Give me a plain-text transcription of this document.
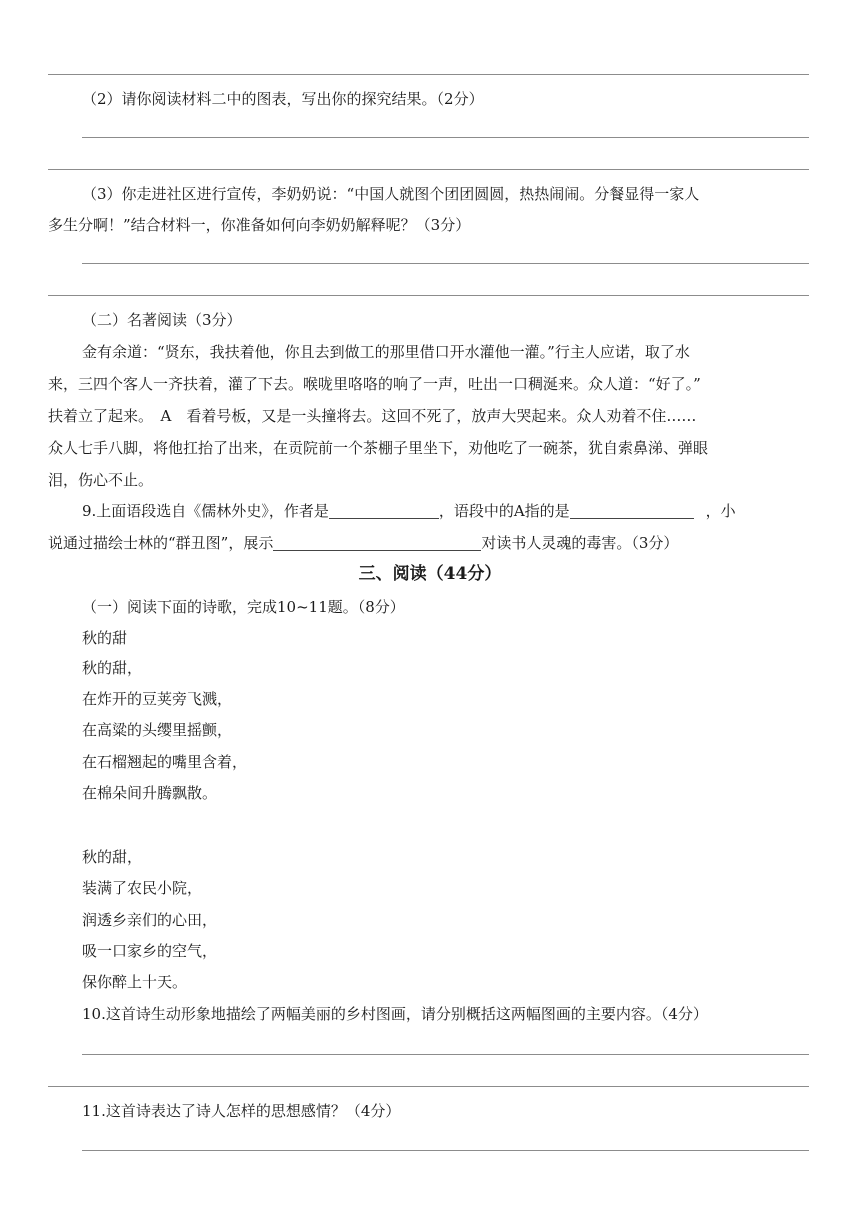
（2）请你阅读材料二中的图表，写出你的探究结果。（2分）
（3）你走进社区进行宣传，李奶奶说：“中国人就图个团团圆圆，热热闹闹。分餐显得一家人
多生分啊！”结合材料一，你准备如何向李奶奶解释呢？（3分）
（二）名著阅读（3分）
金有余道：“贤东，我扶着他，你且去到做工的那里借口开水灌他一灌。”行主人应诺，取了水
来，三四个客人一齐扶着，灌了下去。喉咙里咯咯的响了一声，吐出一口稠涎来。众人道：“好了。”
扶着立了起来。　A　看着号板，又是一头撞将去。这回不死了，放声大哭起来。众人劝着不住……
众人七手八脚，将他扛抬了出来，在贡院前一个茶棚子里坐下，劝他吃了一碗茶，犹自索鼻涕、弹眼
泪，伤心不止。
9.上面语段选自《儒林外史》，作者是	，语段中的A指的是	，小
说通过描绘士林的“群丑图”，展示	对读书人灵魂的毒害。（3分）
三、阅读（44分）
（一）阅读下面的诗歌，完成10~11题。（8分）
秋的甜
秋的甜，
在炸开的豆荚旁飞溅，
在高粱的头缨里摇颤，
在石榴翘起的嘴里含着，
在棉朵间升腾飘散。
秋的甜，
装满了农民小院，
润透乡亲们的心田，
吸一口家乡的空气，
保你醉上十天。
10.这首诗生动形象地描绘了两幅美丽的乡村图画，请分别概括这两幅图画的主要内容。（4分）
11.这首诗表达了诗人怎样的思想感情？（4分）
